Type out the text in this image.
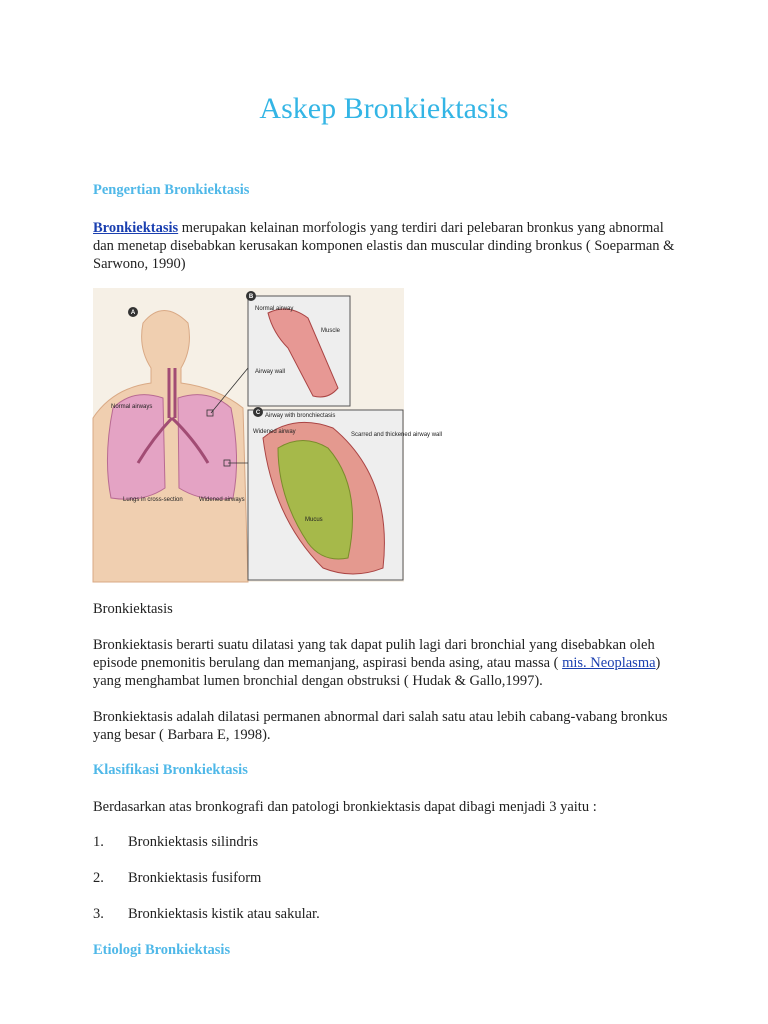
Askep Bronkiektasis
Pengertian Bronkiektasis

Bronkiektasis merupakan kelainan morfologis yang terdiri dari pelebaran bronkus yang abnormal dan menetap disebabkan kerusakan komponen elastis dan muscular dinding bronkus ( Soeparman & Sarwono, 1990)

A
B
C
Normal airway
Muscle
Airway wall
Airway with bronchiectasis
Widened airway	Scarred and thickened airway wall
Normal airways
Lungs in cross-section	Widened airways
Mucus

Bronkiektasis

Bronkiektasis berarti suatu dilatasi yang tak dapat pulih lagi dari bronchial yang disebabkan oleh episode pnemonitis berulang dan memanjang, aspirasi benda asing, atau massa ( mis. Neoplasma) yang menghambat lumen bronchial dengan obstruksi ( Hudak & Gallo,1997).

Bronkiektasis adalah dilatasi permanen abnormal dari salah satu atau lebih cabang-vabang bronkus yang besar ( Barbara E, 1998).

Klasifikasi Bronkiektasis

Berdasarkan atas bronkografi dan patologi bronkiektasis dapat dibagi menjadi 3 yaitu :

1. Bronkiektasis silindris
2. Bronkiektasis fusiform
3. Bronkiektasis kistik atau sakular.
Etiologi Bronkiektasis
